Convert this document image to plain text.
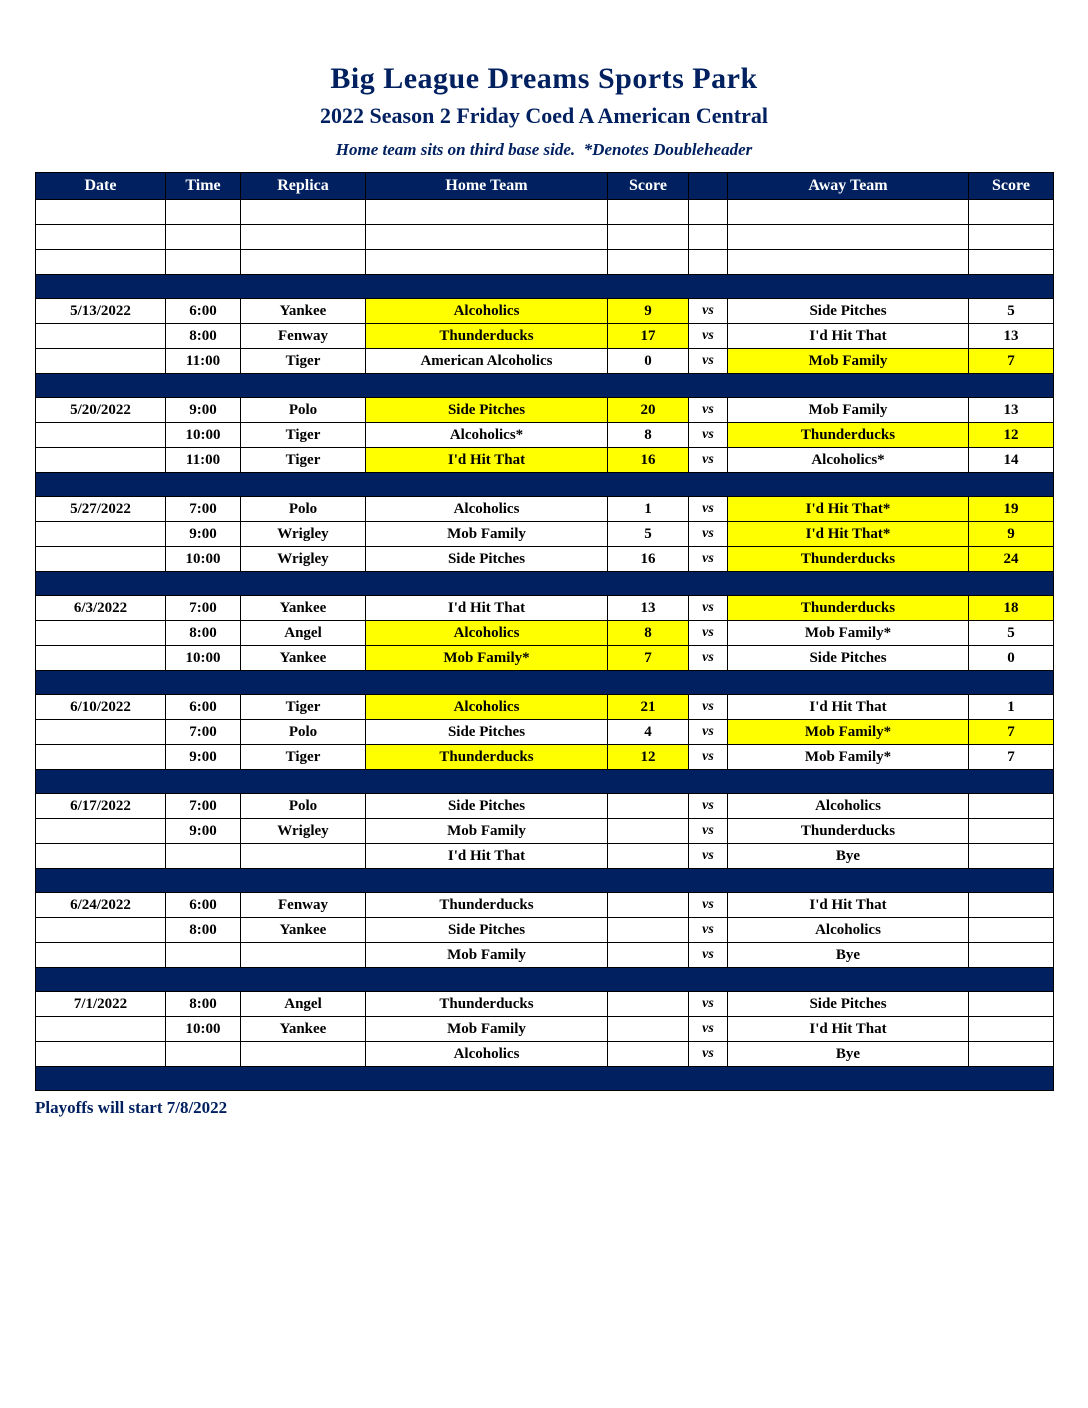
Big League Dreams Sports Park
2022 Season 2 Friday Coed A American Central
Home team sits on third base side.  *Denotes Doubleheader
Date	Time	Replica	Home Team	Score		Away Team	Score

5/13/2022	6:00	Yankee	Alcoholics	9	vs	Side Pitches	5
	8:00	Fenway	Thunderducks	17	vs	I'd Hit That	13
	11:00	Tiger	American Alcoholics	0	vs	Mob Family	7

5/20/2022	9:00	Polo	Side Pitches	20	vs	Mob Family	13
	10:00	Tiger	Alcoholics*	8	vs	Thunderducks	12
	11:00	Tiger	I'd Hit That	16	vs	Alcoholics*	14

5/27/2022	7:00	Polo	Alcoholics	1	vs	I'd Hit That*	19
	9:00	Wrigley	Mob Family	5	vs	I'd Hit That*	9
	10:00	Wrigley	Side Pitches	16	vs	Thunderducks	24

6/3/2022	7:00	Yankee	I'd Hit That	13	vs	Thunderducks	18
	8:00	Angel	Alcoholics	8	vs	Mob Family*	5
	10:00	Yankee	Mob Family*	7	vs	Side Pitches	0

6/10/2022	6:00	Tiger	Alcoholics	21	vs	I'd Hit That	1
	7:00	Polo	Side Pitches	4	vs	Mob Family*	7
	9:00	Tiger	Thunderducks	12	vs	Mob Family*	7

6/17/2022	7:00	Polo	Side Pitches		vs	Alcoholics	
	9:00	Wrigley	Mob Family		vs	Thunderducks	
			I'd Hit That		vs	Bye	

6/24/2022	6:00	Fenway	Thunderducks		vs	I'd Hit That	
	8:00	Yankee	Side Pitches		vs	Alcoholics	
			Mob Family		vs	Bye	

7/1/2022	8:00	Angel	Thunderducks		vs	Side Pitches	
	10:00	Yankee	Mob Family		vs	I'd Hit That	
			Alcoholics		vs	Bye	

Playoffs will start 7/8/2022
